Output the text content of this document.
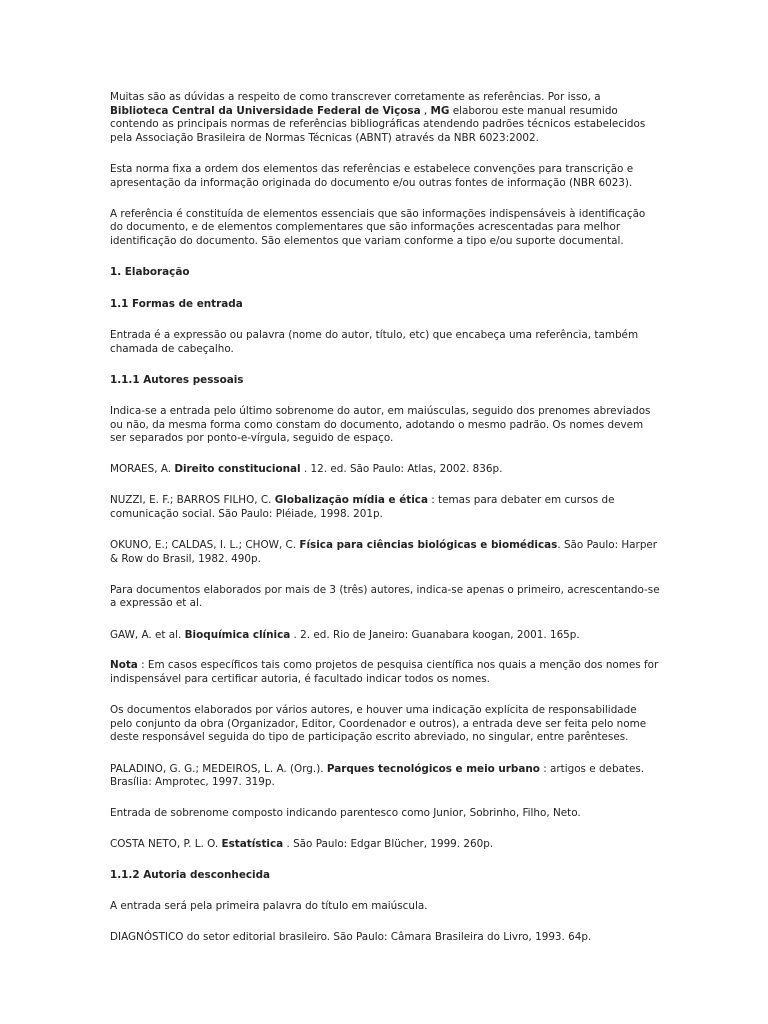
Muitas são as dúvidas a respeito de como transcrever corretamente as referências. Por isso, a Biblioteca Central da Universidade Federal de Viçosa , MG elaborou este manual resumido contendo as principais normas de referências bibliográficas atendendo padrões técnicos estabelecidos pela Associação Brasileira de Normas Técnicas (ABNT) através da NBR 6023:2002.

Esta norma fixa a ordem dos elementos das referências e estabelece convenções para transcrição e apresentação da informação originada do documento e/ou outras fontes de informação (NBR 6023).

A referência é constituída de elementos essenciais que são informações indispensáveis à identificação do documento, e de elementos complementares que são informações acrescentadas para melhor identificação do documento. São elementos que variam conforme a tipo e/ou suporte documental.

1. Elaboração

1.1 Formas de entrada

Entrada é a expressão ou palavra (nome do autor, título, etc) que encabeça uma referência, também chamada de cabeçalho.

1.1.1 Autores pessoais

Indica-se a entrada pelo último sobrenome do autor, em maiúsculas, seguido dos prenomes abreviados ou não, da mesma forma como constam do documento, adotando o mesmo padrão. Os nomes devem ser separados por ponto-e-vírgula, seguido de espaço.

MORAES, A. Direito constitucional . 12. ed. São Paulo: Atlas, 2002. 836p.

NUZZI, E. F.; BARROS FILHO, C. Globalização mídia e ética : temas para debater em cursos de comunicação social. São Paulo: Pléiade, 1998. 201p.

OKUNO, E.; CALDAS, I. L.; CHOW, C. Física para ciências biológicas e biomédicas. São Paulo: Harper & Row do Brasil, 1982. 490p.

Para documentos elaborados por mais de 3 (três) autores, indica-se apenas o primeiro, acrescentando-se a expressão et al.

GAW, A. et al. Bioquímica clínica . 2. ed. Rio de Janeiro: Guanabara koogan, 2001. 165p.

Nota : Em casos específicos tais como projetos de pesquisa científica nos quais a menção dos nomes for indispensável para certificar autoria, é facultado indicar todos os nomes.

Os documentos elaborados por vários autores, e houver uma indicação explícita de responsabilidade pelo conjunto da obra (Organizador, Editor, Coordenador e outros), a entrada deve ser feita pelo nome deste responsável seguida do tipo de participação escrito abreviado, no singular, entre parênteses.

PALADINO, G. G.; MEDEIROS, L. A. (Org.). Parques tecnológicos e meio urbano : artigos e debates. Brasília: Amprotec, 1997. 319p.

Entrada de sobrenome composto indicando parentesco como Junior, Sobrinho, Filho, Neto.

COSTA NETO, P. L. O. Estatística . São Paulo: Edgar Blücher, 1999. 260p.

1.1.2 Autoria desconhecida

A entrada será pela primeira palavra do título em maiúscula.

DIAGNÓSTICO do setor editorial brasileiro. São Paulo: Câmara Brasileira do Livro, 1993. 64p.
